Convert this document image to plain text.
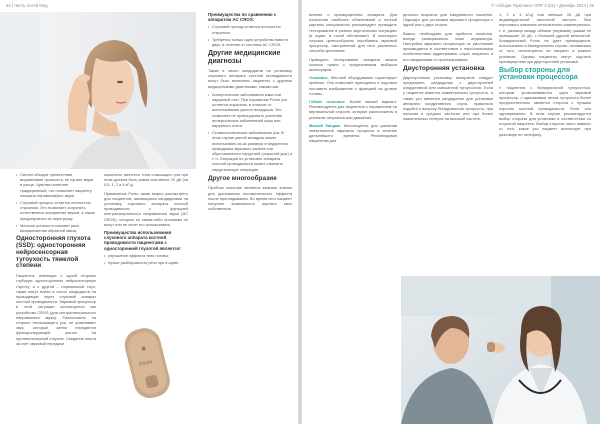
44 | Честь Антей Мед
• Сигнал обходит препятствия, выравнивает громкость, не пугают звуки в улице. Чувства понятнее традиционный, что позволяет пациенту слышать неравномерно звуки.
• Слуховой процесс остается полностью открытым. Это позволяет сохранить естественное восприятие звуков, а также предотвратить их перегрузку.
• Меньше усталость снижает риск возникновения обратной связи.
Односторонняя глухота (SSD): односторонняя нейросенсорная тугоухость тяжелой степени

Пациенты, имеющие с одной стороны глубокую односторонним нейросенсорную глухоту, а с другой – нормальный слух, также могут войти в число кандидатов на проводимую через слуховой аппарат костной проводимости. Звуковой процессор в этой ситуации используется как устройство CROS (для контралатерального направления звука). Расположить на стороне неслышащего уха, он улавливает звук, который затем передается функционирующей улитке на противоположной стороне. Сведение опыта за счёт звуковой передачи.

кальность местного тона слышащего уха при этом должна быть равна или менее 20 дБ (на 0,5, 1, 2 и 4 кГц).

Применение Ponto такие можно рассмотреть для пациентов, являющихся кандидатами на установку слухового аппарата костной проводимости с функцией контралатерального направления звука (AC CROS), которые по каким-либо причинам не могут или не хотят его использовать.

Преимущества использования слухового аппарата костной проводимости пациентами с односторонней глухотой является:
• улучшение эффекта тени головы;
• лучше разборчивость речи при в шуме.
Ponto
Преимущества по сравнению с аппаратом AC CROS:
• Слуховой проход остается полностью открытым.
• Требуется только одно устройство вместо двух, в отличие от системы AC CROS.
Другие медицинские диагнозы

Также в число кандидатов на установку слухового аппарата костной проводимости могут быть включены пациенты с другими медицинскими диагнозами, такими как:

• Аллергические заболевания кожи или наружный отит. При поражении Ponto ухо остается открытым, в отличие от использования ушного вкладыша. Это позволяет не провоцировать усиление аллергических заболеваний кожи или наружного отита.
• Стоматологические заболевания уха. В этом случае ушной вкладыш может использовать из-за размера стандартного проводника звукового канала или обусловленного хирургией (открытой ушь) и т. п. Операция по установке аппарата костной проводимости может отменить хирургическую операцию.
Другое многообразие

Пробное ношение является важным этапом для достижения положительного эффекта после проглядывания. Во время него пациент получает возможность оценить свое собственное

© «Общая Практика» ОПР 2 (51) • Декабрь 2024 | 45

мнение о преимуществах аппарата. Для получения наиболее объективной и полной картины специалисты рекомендуют проводить тестирование в разных акустических ситуациях (в шуме, в тихой обстановке). В некоторых случаях целесообразно опробовать звуковой процессор, настроенный для него различных способы крепления.

Проводить тестирование аппарата можно сколько нужно с предлагаемым выбором аксессуаров.

Оголовье. Жесткий оборудование гарантирует пробное. Оно позволяет приподнять и ощутимо поставить изображение с функцией на уровне головы.

Гибкое оголовье. Более мягкий вариант. Рекомендуется для пациентов с поражением на вертикальной стороне, которые расположены в условиях затухания или движения.

Мягкий бандаж. Используется для усвоения значительной звукового процесса в течение дальнейшего времени. Рекомендован пациентам для

детского возраста для ежедневного ношения. Подходит для установки звукового процессора с одной или с двух сторон.

Важно, необходимо для пробного ношения, всегда разворачивать ниже индикатора. Настройка звукового процессора по умолчанию производится в соответствии с персональными особенностями аудиограммы слуха пациента и его ожиданиями от протезирования.

Двусторонняя установка

Двустороннюю установку аппаратов следует предложить кандидатам с двусторонней кондуктивной или смешанной тугоухостью. Если у пациента имеется симметричная тугоухость, а также ухо является кандидатом для установки аппарата кондуктивного слуха, правильно подойти к вопросу бинауральная тугоухость, при наличии в средних частотах или при более значительных потерях на высокой частоте.

1, 2 и 4 кГц) или меньше 15 дБ при индивидуальной частотной частоте. Все порогового значения относительно симметричных, т. е. разница между обеими (первыми) ушами не превышает 15 дБ, с большей дурной величиной. Бинауральный Ponto не дает преимуществ, использовать в бинауральном случае, независимо от того, используется ли пациент в разных условиях. Однако пациенты могут ощутить преимущества при двусторонней установке.

Выбор стороны для установки процессора

У пациентов с бинауральной тугоухостью, которым устанавливается один звуковой процессор, с одинаковым типом тугоухости более предпочтительно является сторона с лучшим порогом костной проводимости. Если оно одновременно. В этом случае рекомендуется выбор стороны для установки в соответствии со стороной пациента. Выбор стороны часто зависит от того, какое ухо пациент использует при разговоре по телефону.
